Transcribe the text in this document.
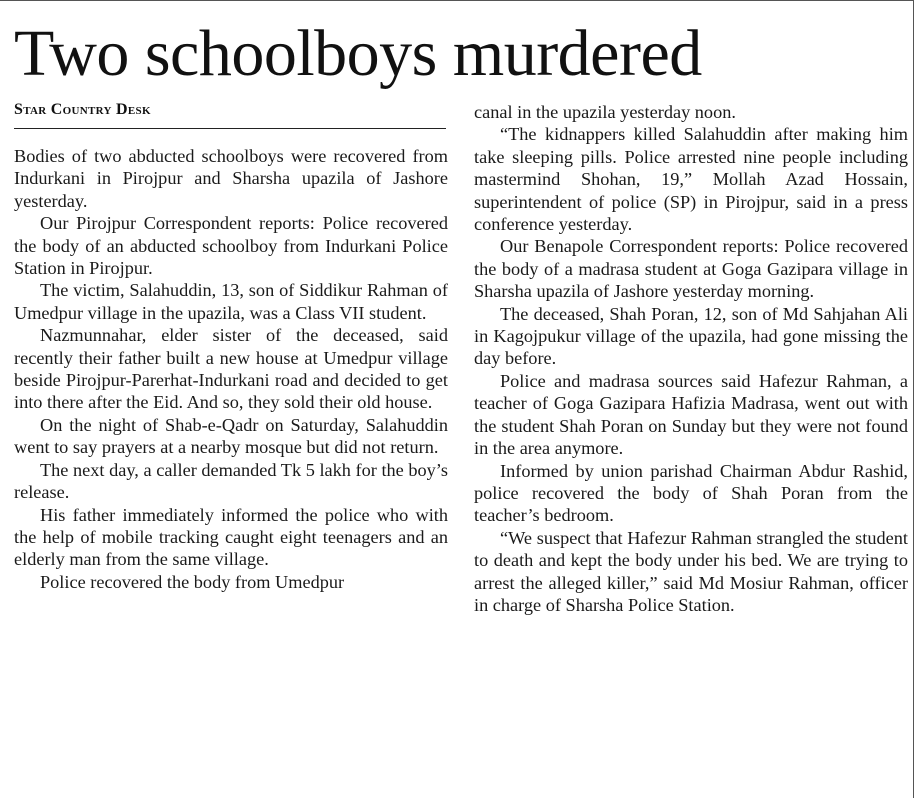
Two schoolboys murdered
Star Country Desk

Bodies of two abducted schoolboys were recovered from Indurkani in Pirojpur and Sharsha upazila of Jashore yesterday.

Our Pirojpur Correspondent reports: Police recovered the body of an abducted schoolboy from Indurkani Police Station in Pirojpur.

The victim, Salahuddin, 13, son of Siddikur Rahman of Umedpur village in the upazila, was a Class VII student.

Nazmunnahar, elder sister of the deceased, said recently their father built a new house at Umedpur village beside Pirojpur-Parerhat-Indurkani road and decided to get into there after the Eid. And so, they sold their old house.

On the night of Shab-e-Qadr on Saturday, Salahuddin went to say prayers at a nearby mosque but did not return.

The next day, a caller demanded Tk 5 lakh for the boy’s release.

His father immediately informed the police who with the help of mobile tracking caught eight teenagers and an elderly man from the same village.

Police recovered the body from Umedpur

canal in the upazila yesterday noon.

“The kidnappers killed Salahuddin after making him take sleeping pills. Police arrested nine people including mastermind Shohan, 19,” Mollah Azad Hossain, superintendent of police (SP) in Pirojpur, said in a press conference yesterday.

Our Benapole Correspondent reports: Police recovered the body of a madrasa student at Goga Gazipara village in Sharsha upazila of Jashore yesterday morning.

The deceased, Shah Poran, 12, son of Md Sahjahan Ali in Kagojpukur village of the upazila, had gone missing the day before.

Police and madrasa sources said Hafezur Rahman, a teacher of Goga Gazipara Hafizia Madrasa, went out with the student Shah Poran on Sunday but they were not found in the area anymore.

Informed by union parishad Chairman Abdur Rashid, police recovered the body of Shah Poran from the teacher’s bedroom.

“We suspect that Hafezur Rahman strangled the student to death and kept the body under his bed. We are trying to arrest the alleged killer,” said Md Mosiur Rahman, officer in charge of Sharsha Police Station.
